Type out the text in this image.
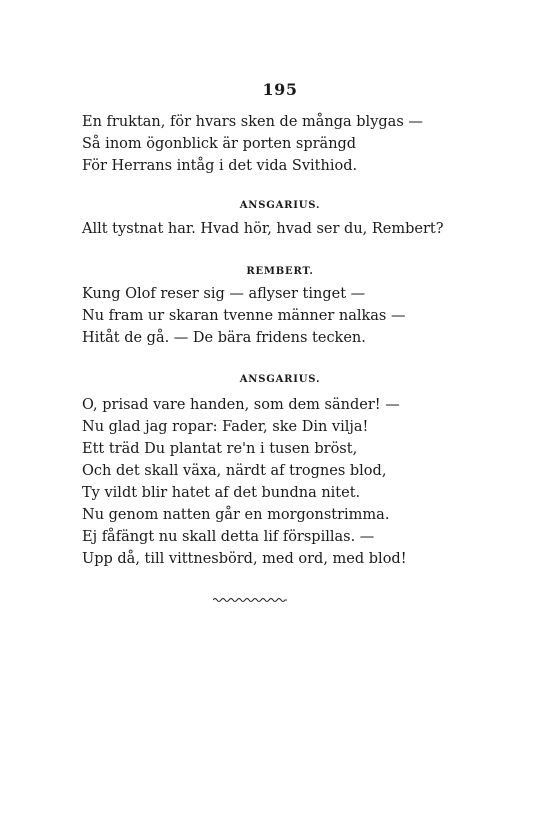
195
En fruktan, för hvars sken de många blygas —
Så inom ögonblick är porten sprängd
För Herrans intåg i det vida Svithiod.
ANSGARIUS.
Allt tystnat har. Hvad hör, hvad ser du, Rembert?
REMBERT.
Kung Olof reser sig — aflyser tinget —
Nu fram ur skaran tvenne männer nalkas —
Hitåt de gå. — De bära fridens tecken.
ANSGARIUS.
O, prisad vare handen, som dem sänder! —
Nu glad jag ropar: Fader, ske Din vilja!
Ett träd Du plantat re'n i tusen bröst,
Och det skall växa, närdt af trognes blod,
Ty vildt blir hatet af det bundna nitet.
Nu genom natten går en morgonstrimma.
Ej fåfängt nu skall detta lif förspillas. —
Upp då, till vittnesbörd, med ord, med blod!
